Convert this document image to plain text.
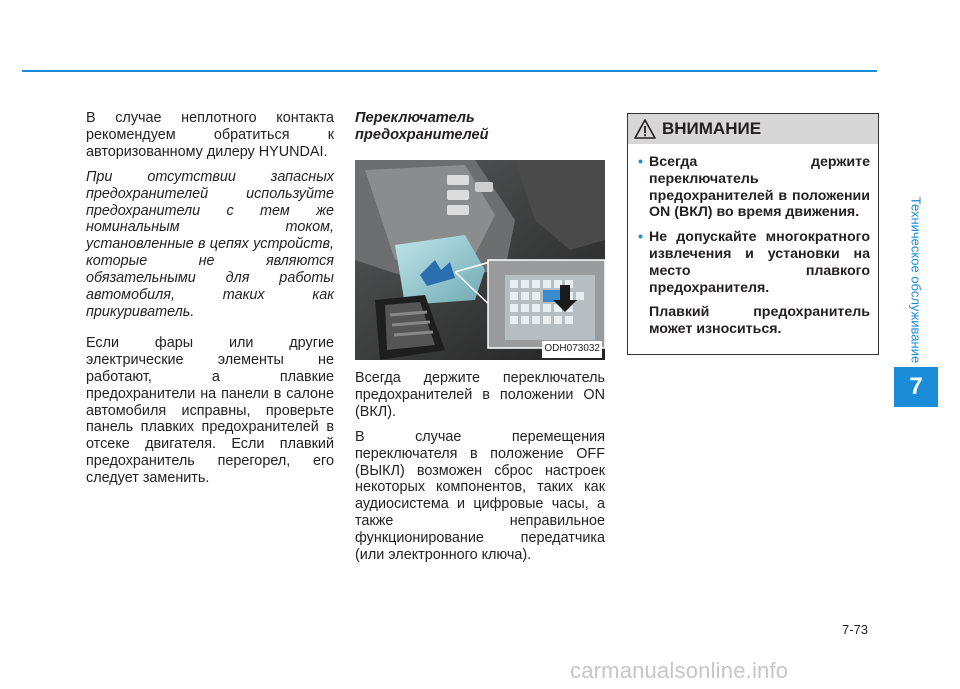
Техническое обслуживание
7

В случае неплотного контакта рекомендуем обратиться к авторизованному дилеру HYUNDAI.

При отсутствии запасных предохранителей используйте предохранители с тем же номинальным током, установленные в цепях устройств, которые не являются обязательными для работы автомобиля, таких как прикуриватель.

Если фары или другие электрические элементы не работают, а плавкие предохранители на панели в салоне автомобиля исправны, проверьте панель плавких предохранителей в отсеке двигателя. Если плавкий предохранитель перегорел, его следует заменить.

Переключатель предохранителей
ODH073032

Всегда держите переключатель предохранителей в положении ON (ВКЛ).

В случае перемещения переключателя в положение OFF (ВЫКЛ) возможен сброс настроек некоторых компонентов, таких как аудиосистема и цифровые часы, а также неправильное функционирование передатчика (или электронного ключа).

ВНИМАНИЕ

• Всегда держите переключатель предохранителей в положении ON (ВКЛ) во время движения.

• Не допускайте многократного извлечения и установки на место плавкого предохранителя.

Плавкий предохранитель может износиться.

7-73
carmanualsonline.info
